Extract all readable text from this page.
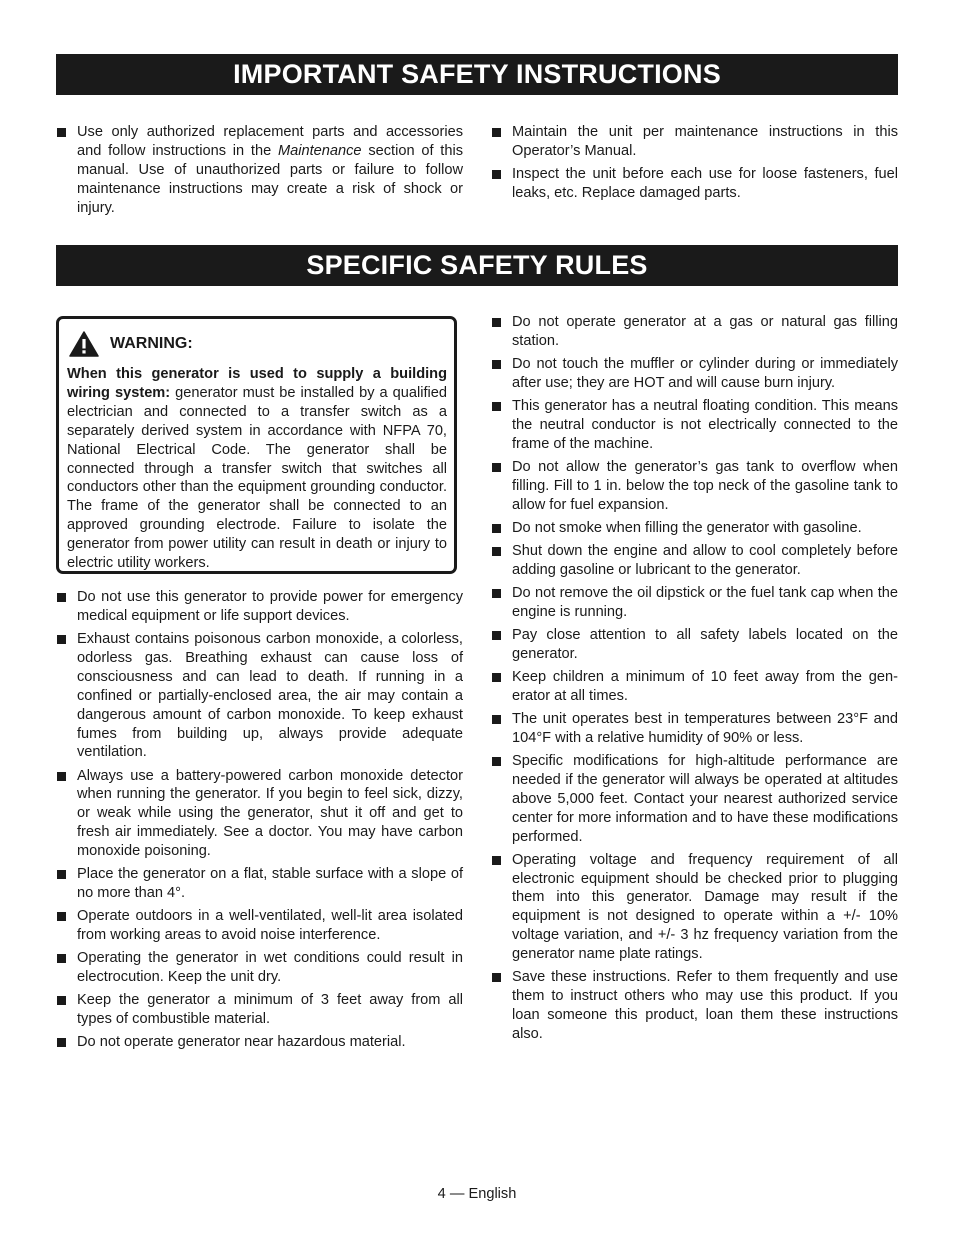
IMPORTANT SAFETY INSTRUCTIONS
Use only authorized replacement parts and accessories and follow instructions in the Maintenance section of this manual. Use of unauthorized parts or failure to follow maintenance instructions may create a risk of shock or injury.
Maintain the unit per maintenance instructions in this Operator’s Manual.
Inspect the unit before each use for loose fasteners, fuel leaks, etc. Replace damaged parts.
SPECIFIC SAFETY RULES
WARNING:
When this generator is used to supply a building wiring system: generator must be installed by a qualified electrician and connected to a transfer switch as a separately derived system in accordance with NFPA 70, National Electrical Code. The generator shall be connected through a transfer switch that switches all conductors other than the equipment grounding conductor. The frame of the generator shall be connected to an approved grounding electrode. Failure to isolate the generator from power utility can result in death or injury to electric utility workers.
Do not use this generator to provide power for emergency medical equipment or life support devices.
Exhaust contains poisonous carbon monoxide, a colorless, odorless gas. Breathing exhaust can cause loss of consciousness and can lead to death. If running in a confined or partially-enclosed area, the air may contain a dangerous amount of carbon monoxide. To keep exhaust fumes from building up, always provide adequate ventilation.
Always use a battery-powered carbon monoxide detector when running the generator. If you begin to feel sick, dizzy, or weak while using the generator, shut it off and get to fresh air immediately. See a doctor. You may have carbon monoxide poisoning.
Place the generator on a flat, stable surface with a slope of no more than 4°.
Operate outdoors in a well-ventilated, well-lit area isolated from working areas to avoid noise interference.
Operating the generator in wet conditions could result in electrocution. Keep the unit dry.
Keep the generator a minimum of 3 feet away from all types of combustible material.
Do not operate generator near hazardous material.
Do not operate generator at a gas or natural gas filling station.
Do not touch the muffler or cylinder during or immediately after use; they are HOT and will cause burn injury.
This generator has a neutral floating condition. This means the neutral conductor is not electrically connected to the frame of the machine.
Do not allow the generator’s gas tank to overflow when filling. Fill to 1 in. below the top neck of the gasoline tank to allow for fuel expansion.
Do not smoke when filling the generator with gasoline.
Shut down the engine and allow to cool completely before adding gasoline or lubricant to the generator.
Do not remove the oil dipstick or the fuel tank cap when the engine is running.
Pay close attention to all safety labels located on the generator.
Keep children a minimum of 10 feet away from the generator at all times.
The unit operates best in temperatures between 23°F and 104°F with a relative humidity of 90% or less.
Specific modifications for high-altitude performance are needed if the generator will always be operated at altitudes above 5,000 feet. Contact your nearest authorized service center for more information and to have these modifications performed.
Operating voltage and frequency requirement of all electronic equipment should be checked prior to plugging them into this generator. Damage may result if the equipment is not designed to operate within a +/- 10% voltage variation, and +/- 3 hz frequency variation from the generator name plate ratings.
Save these instructions. Refer to them frequently and use them to instruct others who may use this product. If you loan someone this product, loan them these instructions also.
4 — English
